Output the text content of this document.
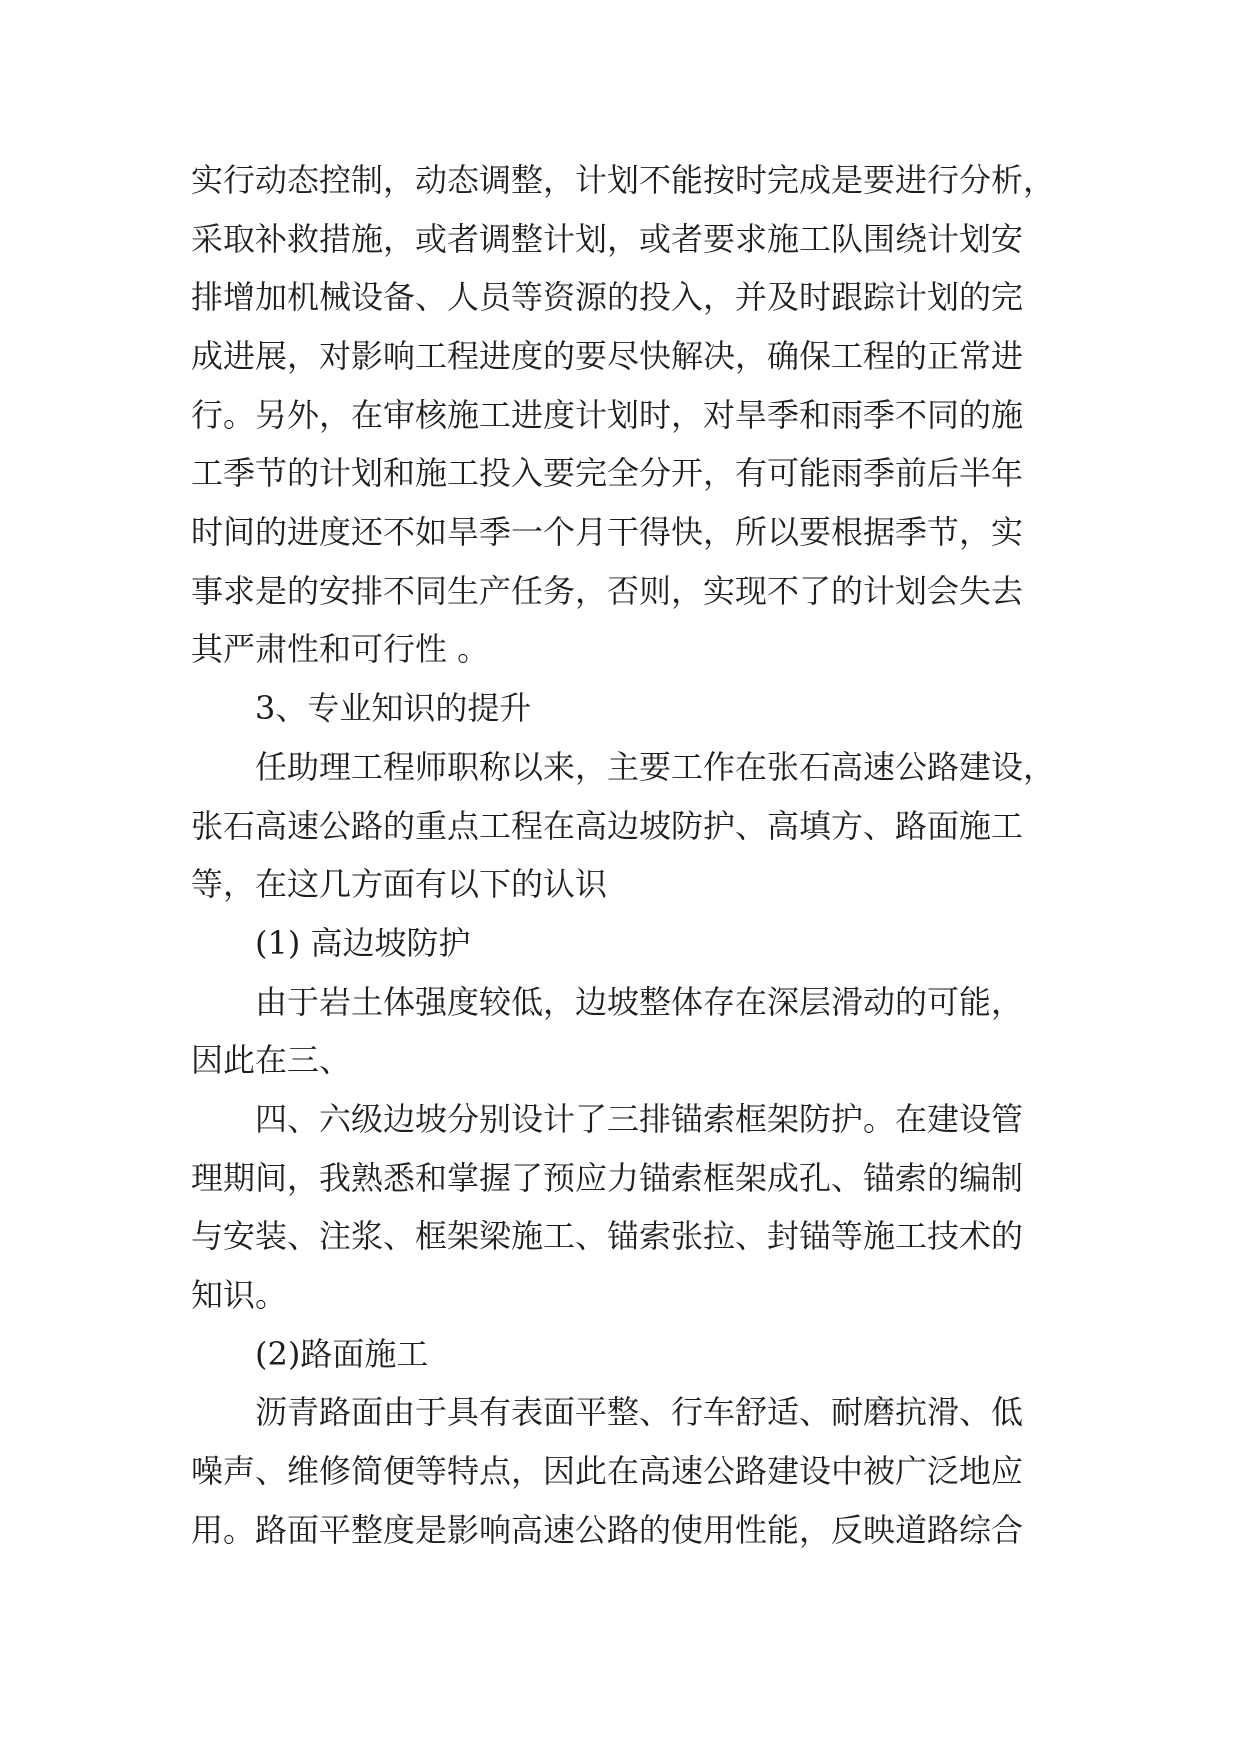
实行动态控制，动态调整，计划不能按时完成是要进行分析，

采取补救措施，或者调整计划，或者要求施工队围绕计划安

排增加机械设备、人员等资源的投入，并及时跟踪计划的完

成进展，对影响工程进度的要尽快解决，确保工程的正常进

行。另外，在审核施工进度计划时，对旱季和雨季不同的施

工季节的计划和施工投入要完全分开，有可能雨季前后半年

时间的进度还不如旱季一个月干得快，所以要根据季节，实

事求是的安排不同生产任务，否则，实现不了的计划会失去

其严肃性和可行性 。

3、专业知识的提升

任助理工程师职称以来，主要工作在张石高速公路建设，

张石高速公路的重点工程在高边坡防护、高填方、路面施工

等，在这几方面有以下的认识

(1) 高边坡防护

由于岩土体强度较低，边坡整体存在深层滑动的可能，

因此在三、

四、六级边坡分别设计了三排锚索框架防护。在建设管

理期间，我熟悉和掌握了预应力锚索框架成孔、锚索的编制

与安装、注浆、框架梁施工、锚索张拉、封锚等施工技术的

知识。

(2)路面施工

沥青路面由于具有表面平整、行车舒适、耐磨抗滑、低

噪声、维修简便等特点，因此在高速公路建设中被广泛地应

用。路面平整度是影响高速公路的使用性能，反映道路综合
